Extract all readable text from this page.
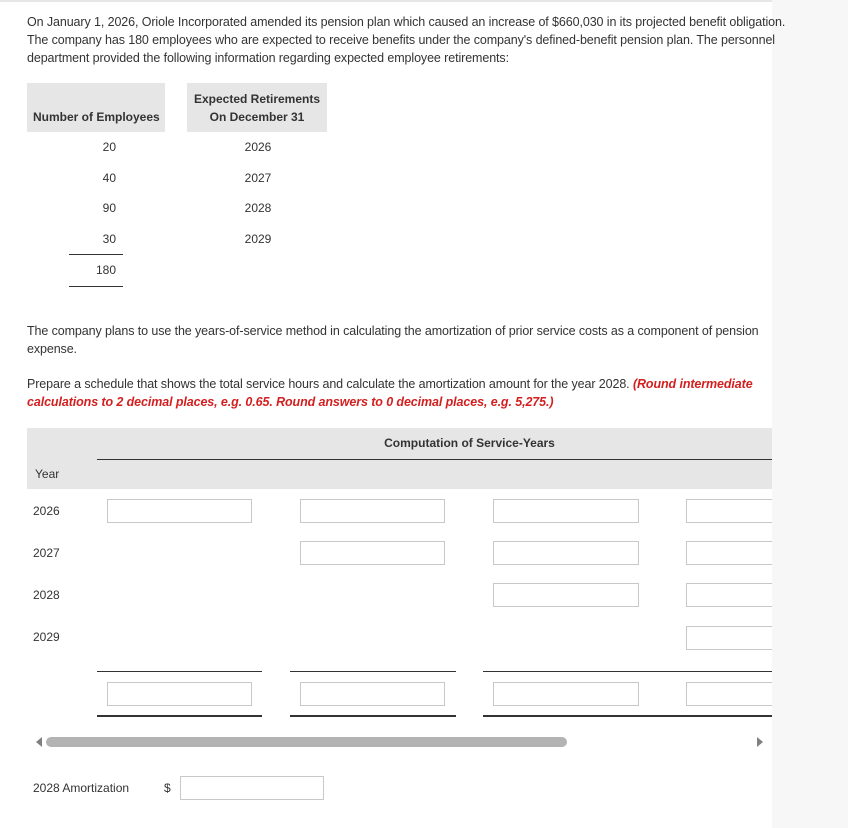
On January 1, 2026, Oriole Incorporated amended its pension plan which caused an increase of $660,030 in its projected benefit obligation. The company has 180 employees who are expected to receive benefits under the company's defined-benefit pension plan. The personnel department provided the following information regarding expected employee retirements:
Number of Employees
Expected Retirements
On December 31
20	2026
40	2027
90	2028
30	2029
180
The company plans to use the years-of-service method in calculating the amortization of prior service costs as a component of pension expense.
Prepare a schedule that shows the total service hours and calculate the amortization amount for the year 2028. (Round intermediate calculations to 2 decimal places, e.g. 0.65. Round answers to 0 decimal places, e.g. 5,275.)
Computation of Service-Years
Year
2026
2027
2028
2029
2028 Amortization	$
